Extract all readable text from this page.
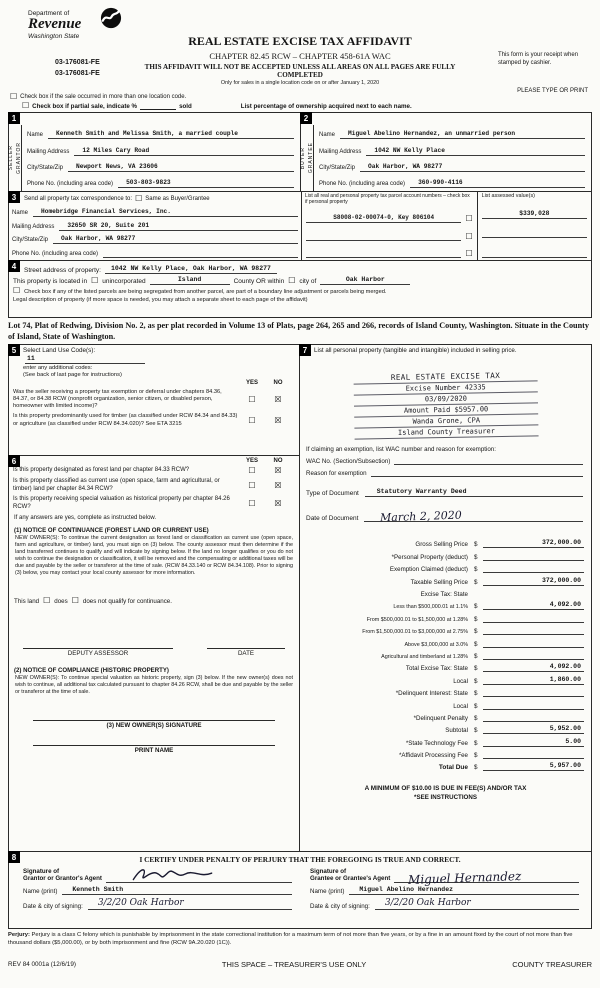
Department of
Revenue
Washington State
03-176081-FE
03-176081-FE
REAL ESTATE EXCISE TAX AFFIDAVIT
CHAPTER 82.45 RCW – CHAPTER 458-61A WAC
THIS AFFIDAVIT WILL NOT BE ACCEPTED UNLESS ALL AREAS ON ALL PAGES ARE FULLY COMPLETED
Only for sales in a single location code on or after January 1, 2020
This form is your receipt when stamped by cashier.
PLEASE TYPE OR PRINT
☐ Check box if the sale occurred in more than one location code.
☐ Check box if partial sale, indicate %	sold	List percentage of ownership acquired next to each name.
1
SELLER GRANTOR
Name	Kenneth Smith and Melissa Smith, a married couple
Mailing Address	12 Miles Cary Road
City/State/Zip	Newport News, VA 23606
Phone No. (including area code)	503-803-9823
2
BUYER GRANTEE
Name	Miguel Abelino Hernandez, an unmarried person
Mailing Address	1042 NW Kelly Place
City/State/Zip	Oak Harbor, WA 98277
Phone No. (including area code)	360-990-4116
3	Send all property tax correspondence to: ☐ Same as Buyer/Grantee
Name	Homebridge Financial Services, Inc.
Mailing Address	32650 SR 20, Suite 201
City/State/Zip	Oak Harbor, WA 98277
Phone No. (including area code)
List all real and personal property tax parcel account numbers – check box if personal property
S8008-02-00074-0, Key 806104	☐
☐
☐
List assessed value(s)
$339,028
4	Street address of property:	1042 NW Kelly Place, Oak Harbor, WA 98277
This property is located in ☐ unincorporated	Island	County OR within ☐ city of	Oak Harbor
☐ Check box if any of the listed parcels are being segregated from another parcel, are part of a boundary line adjustment or parcels being merged.
Legal description of property (if more space is needed, you may attach a separate sheet to each page of the affidavit)
Lot 74, Plat of Redwing, Division No. 2, as per plat recorded in Volume 13 of Plats, page 264, 265 and 266, records of Island County, Washington. Situate in the County of Island, State of Washington.
5	Select Land Use Code(s):
11
enter any additional codes:
(See back of last page for instructions)
YES	NO
Was the seller receiving a property tax exemption or deferral under chapters 84.36, 84.37, or 84.38 RCW (nonprofit organization, senior citizen, or disabled person, homeowner with limited income)?
☐ ☒
Is this property predominantly used for timber (as classified under RCW 84.34 and 84.33) or agriculture (as classified under RCW 84.34.020)? See ETA 3215	☐ ☒
6	YES	NO
Is this property designated as forest land per chapter 84.33 RCW?	☐ ☒
Is this property classified as current use (open space, farm and agricultural, or timber) land per chapter 84.34 RCW?	☐ ☒
Is this property receiving special valuation as historical property per chapter 84.26 RCW?	☐ ☒
If any answers are yes, complete as instructed below.
(1) NOTICE OF CONTINUANCE (FOREST LAND OR CURRENT USE)
NEW OWNER(S): To continue the current designation as forest land or classification as current use (open space, farm and agriculture, or timber) land, you must sign on (3) below. The county assessor must then determine if the land transferred continues to qualify and will indicate by signing below. If the land no longer qualifies or you do not wish to continue the designation or classification, it will be removed and the compensating or additional taxes will be due and payable by the seller or transferor at the time of sale. (RCW 84.33.140 or RCW 84.34.108). Prior to signing (3) below, you may contact your local county assessor for more information.
This land ☐ does ☐ does not qualify for continuance.
DEPUTY ASSESSOR	DATE
(2) NOTICE OF COMPLIANCE (HISTORIC PROPERTY)
NEW OWNER(S): To continue special valuation as historic property, sign (3) below. If the new owner(s) does not wish to continue, all additional tax calculated pursuant to chapter 84.26 RCW, shall be due and payable by the seller or transferor at the time of sale.
(3) NEW OWNER(S) SIGNATURE
PRINT NAME
7	List all personal property (tangible and intangible) included in selling price.
REAL ESTATE EXCISE TAX
Excise Number 42335
03/09/2020
Amount Paid $5957.00
Wanda Grone, CPA
Island County Treasurer
If claiming an exemption, list WAC number and reason for exemption:
WAC No. (Section/Subsection)
Reason for exemption
Type of Document	Statutory Warranty Deed
Date of Document March 2, 2020
Gross Selling Price $	372,000.00
*Personal Property (deduct) $
Exemption Claimed (deduct) $
Taxable Selling Price $	372,000.00
Excise Tax: State
Less than $500,000.01 at 1.1% $	4,092.00
From $500,000.01 to $1,500,000 at 1.28% $
From $1,500,000.01 to $3,000,000 at 2.75% $
Above $3,000,000 at 3.0% $
Agricultural and timberland at 1.28% $
Total Excise Tax: State $	4,092.00
Local $	1,860.00
*Delinquent Interest: State $
Local $
*Delinquent Penalty $
Subtotal $	5,952.00
*State Technology Fee $	5.00
*Affidavit Processing Fee $
Total Due $	5,957.00
A MINIMUM OF $10.00 IS DUE IN FEE(S) AND/OR TAX
*SEE INSTRUCTIONS
8	I CERTIFY UNDER PENALTY OF PERJURY THAT THE FOREGOING IS TRUE AND CORRECT.
Signature of
Grantor or Grantor's Agent
Name (print)	Kenneth Smith
Date & city of signing:	3/2/20 Oak Harbor
Signature of
Grantee or Grantee's Agent Miguel Hernandez
Name (print)	Miguel Abelino Hernandez
Date & city of signing:	3/2/20 Oak Harbor
Perjury: Perjury is a class C felony which is punishable by imprisonment in the state correctional institution for a maximum term of not more than five years, or by a fine in an amount fixed by the court of not more than five thousand dollars ($5,000.00), or by both imprisonment and fine (RCW 9A.20.020 (1C)).
REV 84 0001a (12/6/19)	THIS SPACE – TREASURER'S USE ONLY	COUNTY TREASURER
